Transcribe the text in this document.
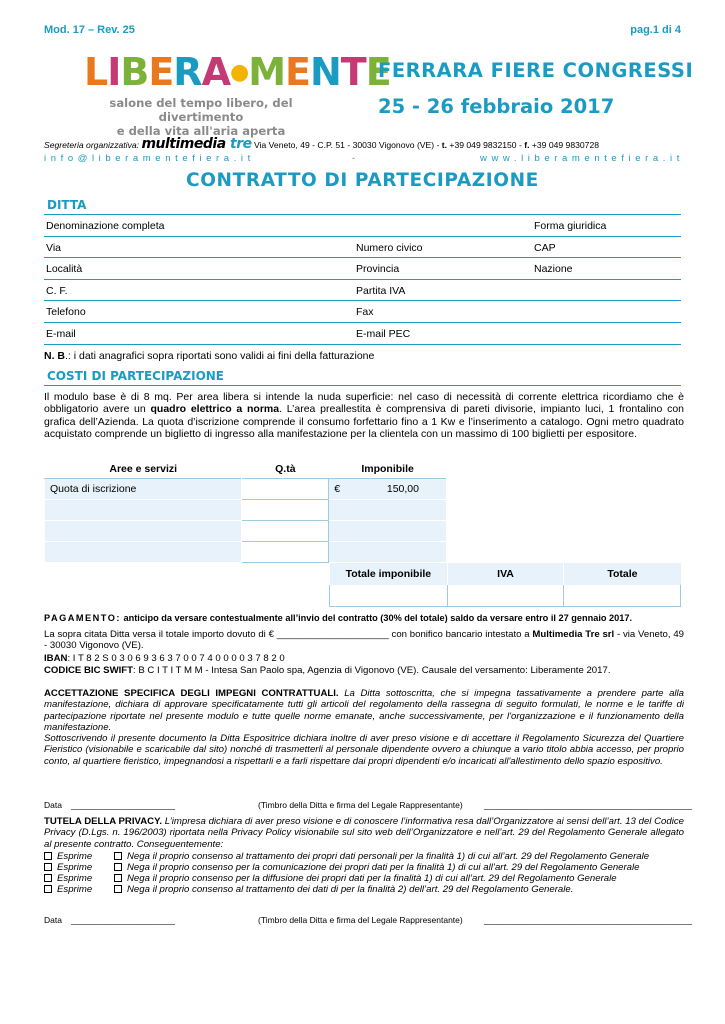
Mod. 17 – Rev. 25	pag.1 di 4
LIBERA●MENTE
salone del tempo libero, del divertimento
e della vita all'aria aperta
FERRARA FIERE CONGRESSI
25 - 26 febbraio 2017
Segreteria organizzativa: multimedia tre Via Veneto, 49 - C.P. 51 - 30030 Vigonovo (VE) - t. +39 049 9832150 - f. +39 049 9830728
info@liberamentefiera.it	-	www.liberamentefiera.it
CONTRATTO DI PARTECIPAZIONE
DITTA
Denominazione completa	Forma giuridica
Via	Numero civico	CAP
Località	Provincia	Nazione
C. F.	Partita IVA
Telefono	Fax
E-mail	E-mail PEC
N. B.: i dati anagrafici sopra riportati sono validi ai fini della fatturazione
COSTI DI PARTECIPAZIONE
Il modulo base è di 8 mq. Per area libera si intende la nuda superficie: nel caso di necessità di corrente elettrica ricordiamo che è obbligatorio avere un quadro elettrico a norma. L’area preallestita è comprensiva di pareti divisorie, impianto luci, 1 frontalino con grafica dell’Azienda. La quota d’iscrizione comprende il consumo forfettario fino a 1 Kw e l’inserimento a catalogo. Ogni metro quadrato acquistato comprende un biglietto di ingresso alla manifestazione per la clientela con un massimo di 100 biglietti per espositore.
Aree e servizi	Q.tà	Imponibile
Quota di iscrizione		€ 150,00

Totale imponibile	IVA	Totale

PAGAMENTO: anticipo da versare contestualmente all’invio del contratto (30% del totale) saldo da versare entro il 27 gennaio 2017.
La sopra citata Ditta versa il totale importo dovuto di € _____________________ con bonifico bancario intestato a Multimedia Tre srl - via Veneto, 49 - 30030 Vigonovo (VE).
IBAN: I T 8 2 S 0 3 0 6 9 3 6 3 7 0 0 7 4 0 0 0 0 3 7 8 2 0
CODICE BIC SWIFT: B C I T I T M M - Intesa San Paolo spa, Agenzia di Vigonovo (VE). Causale del versamento: Liberamente 2017.
ACCETTAZIONE SPECIFICA DEGLI IMPEGNI CONTRATTUALI. La Ditta sottoscritta, che si impegna tassativamente a prendere parte alla manifestazione, dichiara di approvare specificatamente tutti gli articoli del regolamento della rassegna di seguito formulati, le norme e le tariffe di partecipazione riportate nel presente modulo e tutte quelle norme emanate, anche successivamente, per l'organizzazione e il funzionamento della manifestazione.
Sottoscrivendo il presente documento la Ditta Espositrice dichiara inoltre di aver preso visione e di accettare il Regolamento Sicurezza del Quartiere Fieristico (visionabile e scaricabile dal sito) nonché di trasmetterli al personale dipendente ovvero a chiunque a vario titolo abbia accesso, per proprio conto, al quartiere fieristico, impegnandosi a rispettarli e a farli rispettare dai propri dipendenti e/o incaricati all'allestimento dello spazio espositivo.
Data ______________________	(Timbro della Ditta e firma del Legale Rappresentante)	____________________________________________
TUTELA DELLA PRIVACY. L’impresa dichiara di aver preso visione e di conoscere l’informativa resa dall’Organizzatore ai sensi dell’art. 13 del Codice Privacy (D.Lgs. n. 196/2003) riportata nella Privacy Policy visionabile sul sito web dell’Organizzatore e nell’art. 29 del Regolamento Generale allegato al presente contratto. Conseguentemente:
Esprime	Nega il proprio consenso al trattamento dei propri dati personali per la finalità 1) di cui all’art. 29 del Regolamento Generale
Esprime	Nega il proprio consenso per la comunicazione dei propri dati per la finalità 1) di cui all’art. 29 del Regolamento Generale
Esprime	Nega il proprio consenso per la diffusione dei propri dati per la finalità 1) di cui all’art. 29 del Regolamento Generale
Esprime	Nega il proprio consenso al trattamento dei dati di per la finalità 2) dell’art. 29 del Regolamento Generale.
Data ______________________	(Timbro della Ditta e firma del Legale Rappresentante)	____________________________________________
